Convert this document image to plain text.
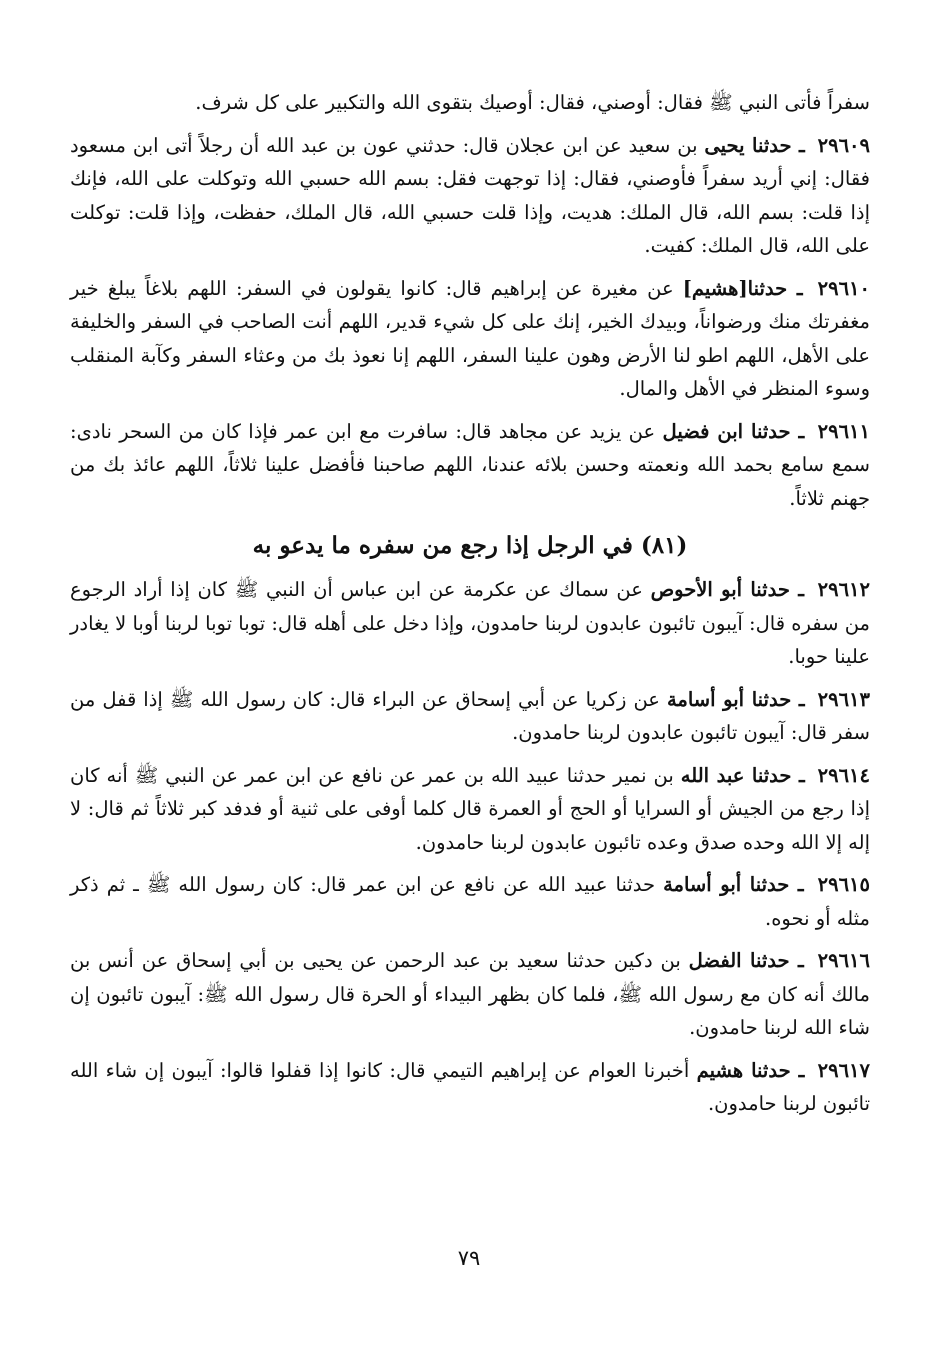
سفراً فأتى النبي ﷺ فقال: أوصني، فقال: أوصيك بتقوى الله والتكبير على كل شرف.

٢٩٦٠٩ ـ حدثنا يحيى بن سعيد عن ابن عجلان قال: حدثني عون بن عبد الله أن رجلاً أتى ابن مسعود فقال: إني أريد سفراً فأوصني، فقال: إذا توجهت فقل: بسم الله حسبي الله وتوكلت على الله، فإنك إذا قلت: بسم الله، قال الملك: هديت، وإذا قلت حسبي الله، قال الملك، حفظت، وإذا قلت: توكلت على الله، قال الملك: كفيت.

٢٩٦١٠ ـ حدثنا[هشيم] عن مغيرة عن إبراهيم قال: كانوا يقولون في السفر: اللهم بلاغاً يبلغ خير مغفرتك منك ورضواناً، وبيدك الخير، إنك على كل شيء قدير، اللهم أنت الصاحب في السفر والخليفة على الأهل، اللهم اطو لنا الأرض وهون علينا السفر، اللهم إنا نعوذ بك من وعثاء السفر وكآبة المنقلب وسوء المنظر في الأهل والمال.

٢٩٦١١ ـ حدثنا ابن فضيل عن يزيد عن مجاهد قال: سافرت مع ابن عمر فإذا كان من السحر نادى: سمع سامع بحمد الله ونعمته وحسن بلائه عندنا، اللهم صاحبنا فأفضل علينا ثلاثاً، اللهم عائذ بك من جهنم ثلاثاً.

(٨١) في الرجل إذا رجع من سفره ما يدعو به

٢٩٦١٢ ـ حدثنا أبو الأحوص عن سماك عن عكرمة عن ابن عباس أن النبي ﷺ كان إذا أراد الرجوع من سفره قال: آيبون تائبون عابدون لربنا حامدون، وإذا دخل على أهله قال: توبا توبا لربنا أوبا لا يغادر علينا حوبا.

٢٩٦١٣ ـ حدثنا أبو أسامة عن زكريا عن أبي إسحاق عن البراء قال: كان رسول الله ﷺ إذا قفل من سفر قال: آيبون تائبون عابدون لربنا حامدون.

٢٩٦١٤ ـ حدثنا عبد الله بن نمير حدثنا عبيد الله بن عمر عن نافع عن ابن عمر عن النبي ﷺ أنه كان إذا رجع من الجيش أو السرايا أو الحج أو العمرة قال كلما أوفى على ثنية أو فدفد كبر ثلاثاً ثم قال: لا إله إلا الله وحده صدق وعده تائبون عابدون لربنا حامدون.

٢٩٦١٥ ـ حدثنا أبو أسامة حدثنا عبيد الله عن نافع عن ابن عمر قال: كان رسول الله ﷺ ـ ثم ذكر مثله أو نحوه.

٢٩٦١٦ ـ حدثنا الفضل بن دكين حدثنا سعيد بن عبد الرحمن عن يحيى بن أبي إسحاق عن أنس بن مالك أنه كان مع رسول الله ﷺ، فلما كان بظهر البيداء أو الحرة قال رسول الله ﷺ: آيبون تائبون إن شاء الله لربنا حامدون.

٢٩٦١٧ ـ حدثنا هشيم أخبرنا العوام عن إبراهيم التيمي قال: كانوا إذا قفلوا قالوا: آيبون إن شاء الله تائبون لربنا حامدون.

٧٩
